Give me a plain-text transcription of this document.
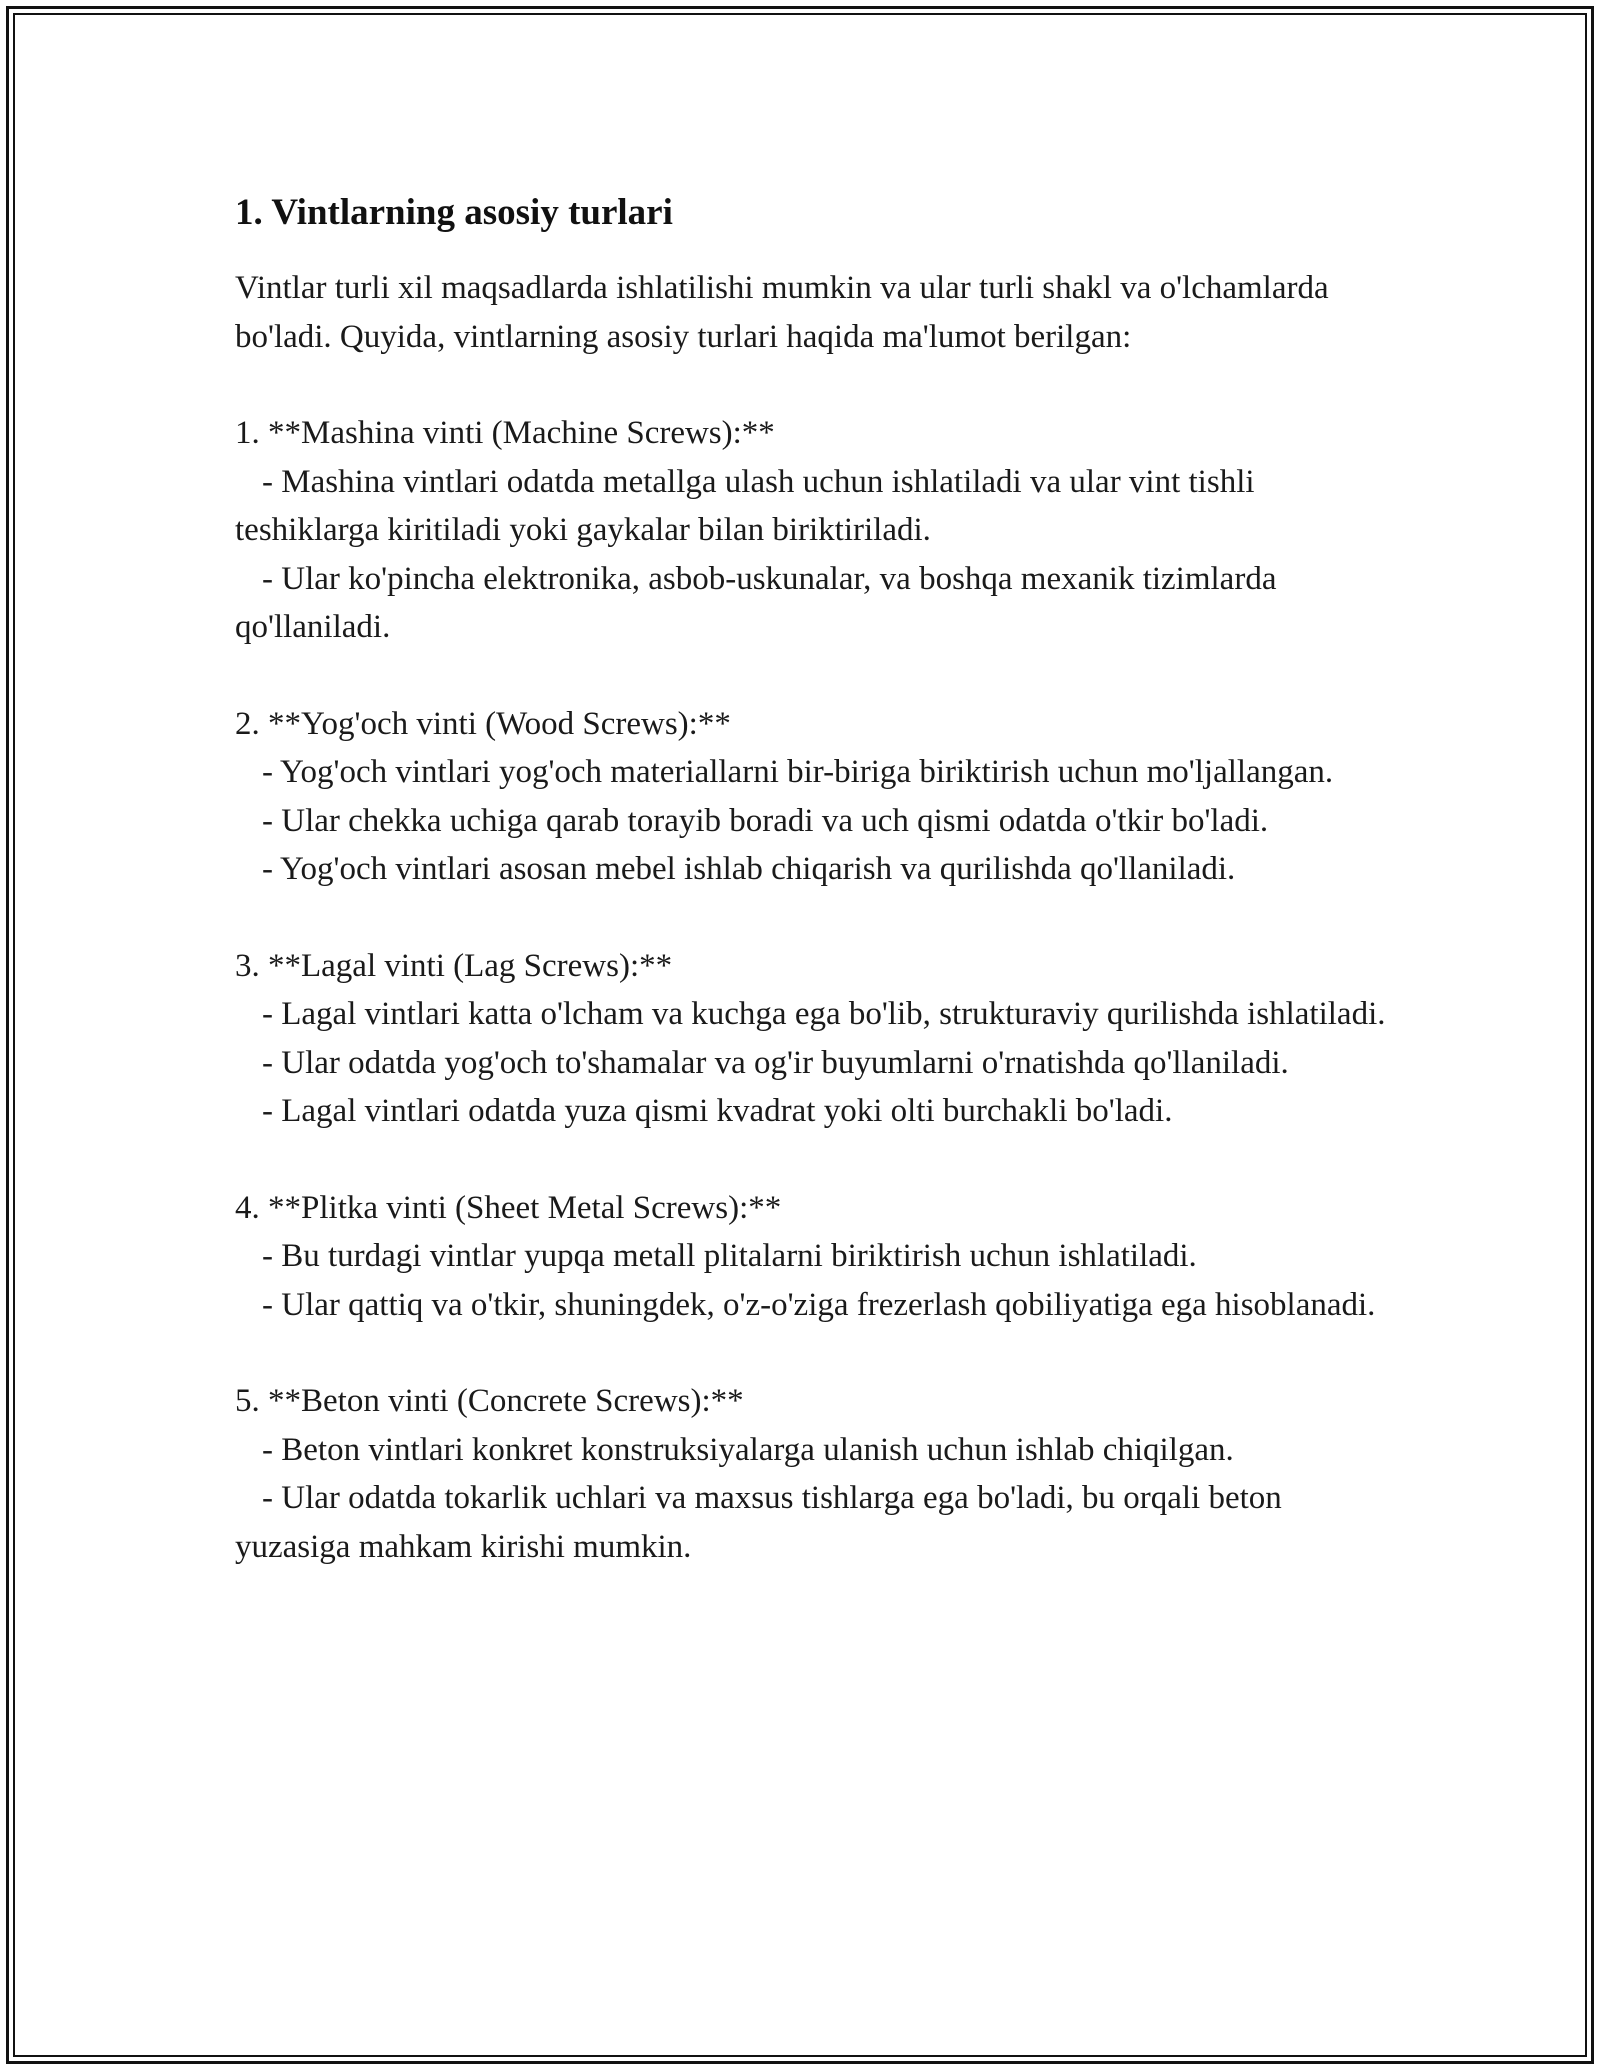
1. Vintlarning asosiy turlari

Vintlar turli xil maqsadlarda ishlatilishi mumkin va ular turli shakl va o'lchamlarda bo'ladi. Quyida, vintlarning asosiy turlari haqida ma'lumot berilgan:

1. **Mashina vinti (Machine Screws):**

- Mashina vintlari odatda metallga ulash uchun ishlatiladi va ular vint tishli teshiklarga kiritiladi yoki gaykalar bilan biriktiriladi.

- Ular ko'pincha elektronika, asbob-uskunalar, va boshqa mexanik tizimlarda qo'llaniladi.

2. **Yog'och vinti (Wood Screws):**

- Yog'och vintlari yog'och materiallarni bir-biriga biriktirish uchun mo'ljallangan.

- Ular chekka uchiga qarab torayib boradi va uch qismi odatda o'tkir bo'ladi.

- Yog'och vintlari asosan mebel ishlab chiqarish va qurilishda qo'llaniladi.

3. **Lagal vinti (Lag Screws):**

- Lagal vintlari katta o'lcham va kuchga ega bo'lib, strukturaviy qurilishda ishlatiladi.

- Ular odatda yog'och to'shamalar va og'ir buyumlarni o'rnatishda qo'llaniladi.

- Lagal vintlari odatda yuza qismi kvadrat yoki olti burchakli bo'ladi.

4. **Plitka vinti (Sheet Metal Screws):**

- Bu turdagi vintlar yupqa metall plitalarni biriktirish uchun ishlatiladi.

- Ular qattiq va o'tkir, shuningdek, o'z-o'ziga frezerlash qobiliyatiga ega hisoblanadi.

5. **Beton vinti (Concrete Screws):**

- Beton vintlari konkret konstruksiyalarga ulanish uchun ishlab chiqilgan.

- Ular odatda tokarlik uchlari va maxsus tishlarga ega bo'ladi, bu orqali beton yuzasiga mahkam kirishi mumkin.
